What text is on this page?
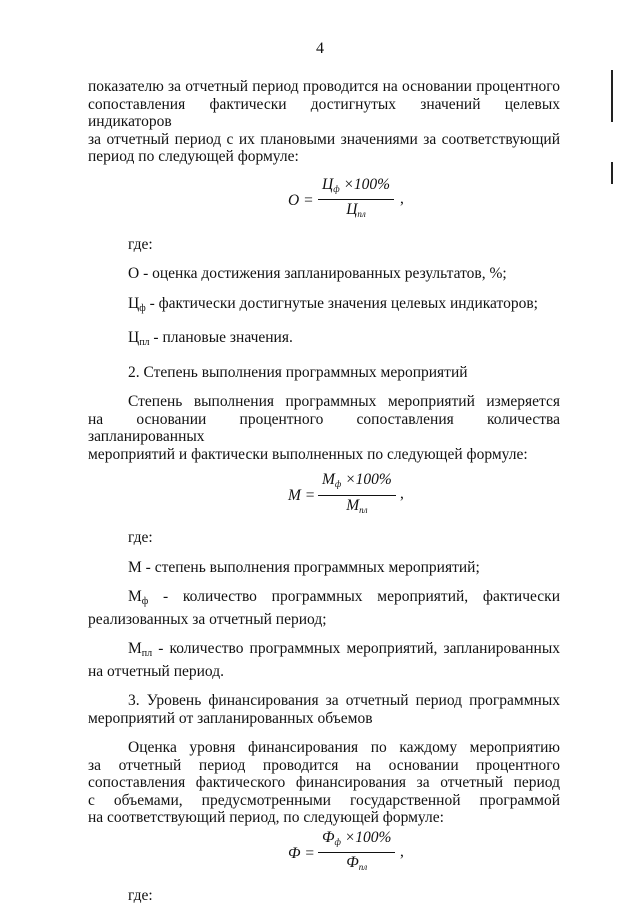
4

показателю за отчетный период проводится на основании процентного

сопоставления фактически достигнутых значений целевых индикаторов

за отчетный период с их плановыми значениями за соответствующий

период по следующей формуле:

О =
$Ц_ф \times 100\%$
$Ц_{пл}$
,

где:

О - оценка достижения запланированных результатов, %;

Цф - фактически достигнутые значения целевых индикаторов;

Цпл - плановые значения.

2. Степень выполнения программных мероприятий

Степень выполнения программных мероприятий измеряется

на основании процентного сопоставления количества запланированных

мероприятий и фактически выполненных по следующей формуле:

М =
$М_ф \times 100\%$
$М_{пл}$
,

где:

М - степень выполнения программных мероприятий;

Мф - количество программных мероприятий, фактически

реализованных за отчетный период;

Мпл - количество программных мероприятий, запланированных

на отчетный период.

3. Уровень финансирования за отчетный период программных

мероприятий от запланированных объемов

Оценка уровня финансирования по каждому мероприятию

за отчетный период проводится на основании процентного

сопоставления фактического финансирования за отчетный период

с объемами, предусмотренными государственной программой

на соответствующий период, по следующей формуле:

Ф =
$Ф_ф \times 100\%$
$Ф_{пл}$
,

где:
